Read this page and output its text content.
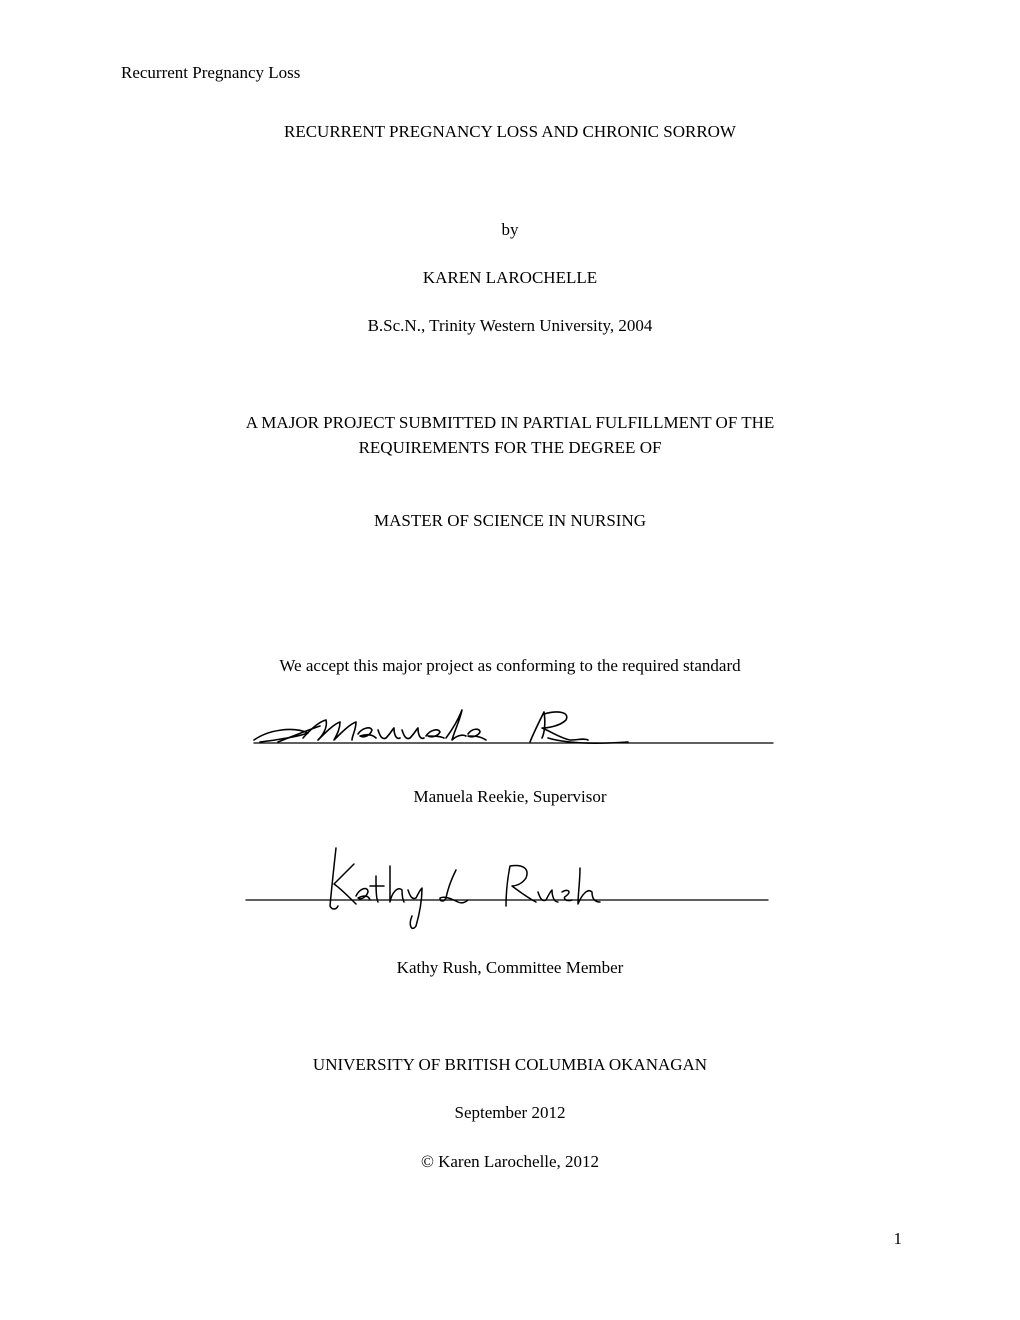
Recurrent Pregnancy Loss
RECURRENT PREGNANCY LOSS AND CHRONIC SORROW
by
KAREN LAROCHELLE
B.Sc.N., Trinity Western University, 2004
A MAJOR PROJECT SUBMITTED IN PARTIAL FULFILLMENT OF THE
REQUIREMENTS FOR THE DEGREE OF
MASTER OF SCIENCE IN NURSING
We accept this major project as conforming to the required standard
Manuela Reekie, Supervisor
Kathy Rush, Committee Member
UNIVERSITY OF BRITISH COLUMBIA OKANAGAN
September 2012
© Karen Larochelle, 2012
1
